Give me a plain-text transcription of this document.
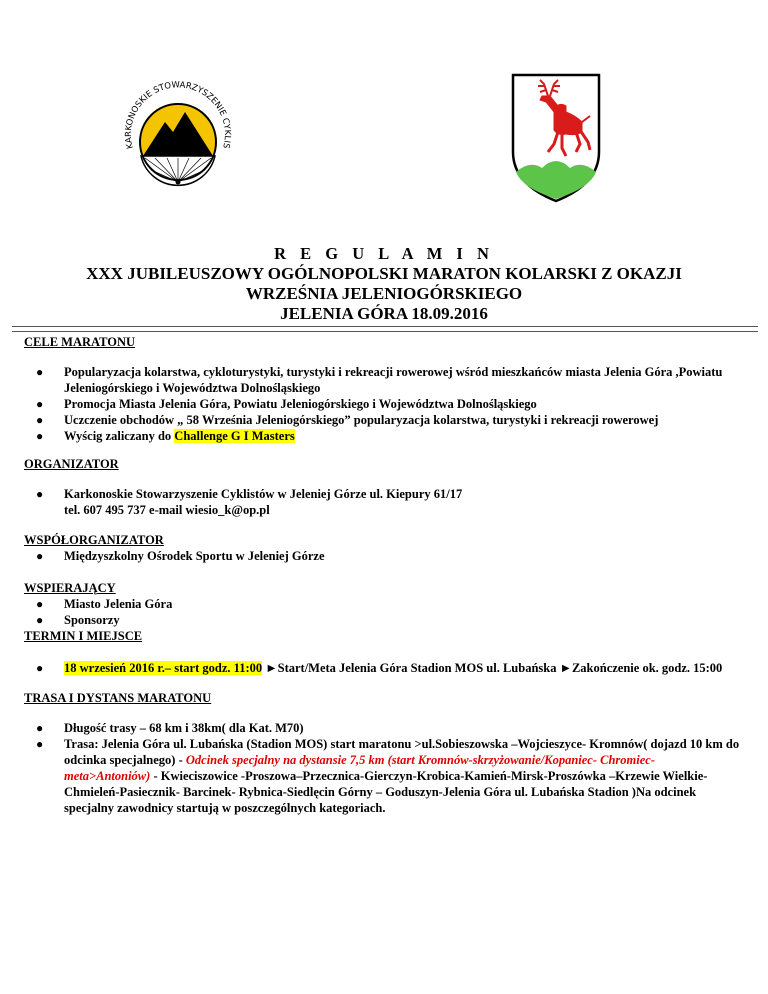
KARKONOSKIE STOWARZYSZENIE CYKLIS
R E G U L A M I N
XXX JUBILEUSZOWY OGÓLNOPOLSKI MARATON KOLARSKI Z OKAZJI
WRZEŚNIA JELENIOGÓRSKIEGO
JELENIA GÓRA 18.09.2016

CELE MARATONU

● Popularyzacja kolarstwa, cykloturystyki, turystyki i rekreacji rowerowej wśród mieszkańców miasta Jelenia Góra ,Powiatu Jeleniogórskiego i Województwa Dolnośląskiego
● Promocja Miasta Jelenia Góra, Powiatu Jeleniogórskiego i Województwa Dolnośląskiego
● Uczczenie obchodów „ 58 Września Jeleniogórskiego” popularyzacja kolarstwa, turystyki i rekreacji rowerowej
● Wyścig zaliczany do Challenge G I Masters

ORGANIZATOR

● Karkonoskie Stowarzyszenie Cyklistów w Jeleniej Górze ul. Kiepury 61/17
tel. 607 495 737 e-mail wiesio_k@op.pl

WSPÓŁORGANIZATOR

● Międzyszkolny Ośrodek Sportu w Jeleniej Górze

WSPIERAJĄCY

● Miasto Jelenia Góra
● Sponsorzy

TERMIN I MIEJSCE

● 18 wrzesień 2016 r.– start godz. 11:00 ►Start/Meta Jelenia Góra Stadion MOS ul. Lubańska ►Zakończenie ok. godz. 15:00

TRASA I DYSTANS MARATONU

● Długość trasy – 68 km i 38km( dla Kat. M70)
● Trasa: Jelenia Góra ul. Lubańska (Stadion MOS) start maratonu >ul.Sobieszowska –Wojcieszyce- Kromnów( dojazd 10 km do odcinka specjalnego) - Odcinek specjalny na dystansie 7,5 km (start Kromnów-skrzyżowanie/Kopaniec- Chromiec- meta>Antoniów) - Kwieciszowice -Proszowa–Przecznica-Gierczyn-Krobica-Kamień-Mirsk-Proszówka –Krzewie Wielkie-Chmieleń-Pasiecznik- Barcinek- Rybnica-Siedlęcin Górny – Goduszyn-Jelenia Góra ul. Lubańska Stadion )Na odcinek specjalny zawodnicy startują w poszczególnych kategoriach.
